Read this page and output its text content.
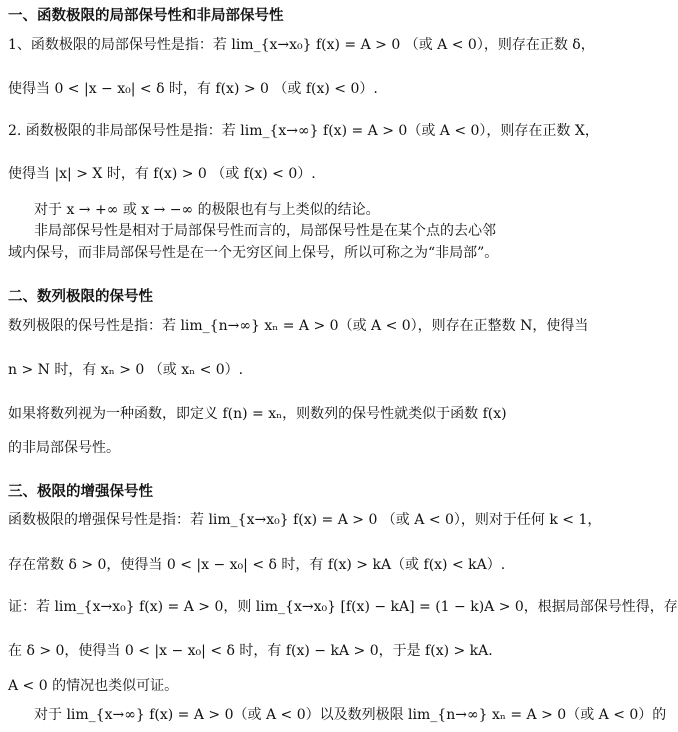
一、函数极限的局部保号性和非局部保号性
1、函数极限的局部保号性是指：若 lim_{x→x₀} f(x) = A > 0 （或 A < 0），则存在正数 δ，
使得当 0 < |x − x₀| < δ 时，有 f(x) > 0 （或 f(x) < 0）.
2. 函数极限的非局部保号性是指：若 lim_{x→∞} f(x) = A > 0（或 A < 0），则存在正数 X，
使得当 |x| > X 时，有 f(x) > 0 （或 f(x) < 0）.
对于 x → +∞ 或 x → −∞ 的极限也有与上类似的结论。
非局部保号性是相对于局部保号性而言的，局部保号性是在某个点的去心邻
域内保号，而非局部保号性是在一个无穷区间上保号，所以可称之为“非局部”。
二、数列极限的保号性
数列极限的保号性是指：若 lim_{n→∞} xₙ = A > 0（或 A < 0），则存在正整数 N，使得当
n > N 时，有 xₙ > 0 （或 xₙ < 0）.
如果将数列视为一种函数，即定义 f(n) = xₙ，则数列的保号性就类似于函数 f(x)
的非局部保号性。
三、极限的增强保号性
函数极限的增强保号性是指：若 lim_{x→x₀} f(x) = A > 0 （或 A < 0），则对于任何 k < 1，
存在常数 δ > 0，使得当 0 < |x − x₀| < δ 时，有 f(x) > kA（或 f(x) < kA）.
证：若 lim_{x→x₀} f(x) = A > 0，则 lim_{x→x₀} [f(x) − kA] = (1 − k)A > 0，根据局部保号性得，存
在 δ > 0，使得当 0 < |x − x₀| < δ 时，有 f(x) − kA > 0，于是 f(x) > kA.
A < 0 的情况也类似可证。
对于 lim_{x→∞} f(x) = A > 0（或 A < 0）以及数列极限 lim_{n→∞} xₙ = A > 0（或 A < 0）的
